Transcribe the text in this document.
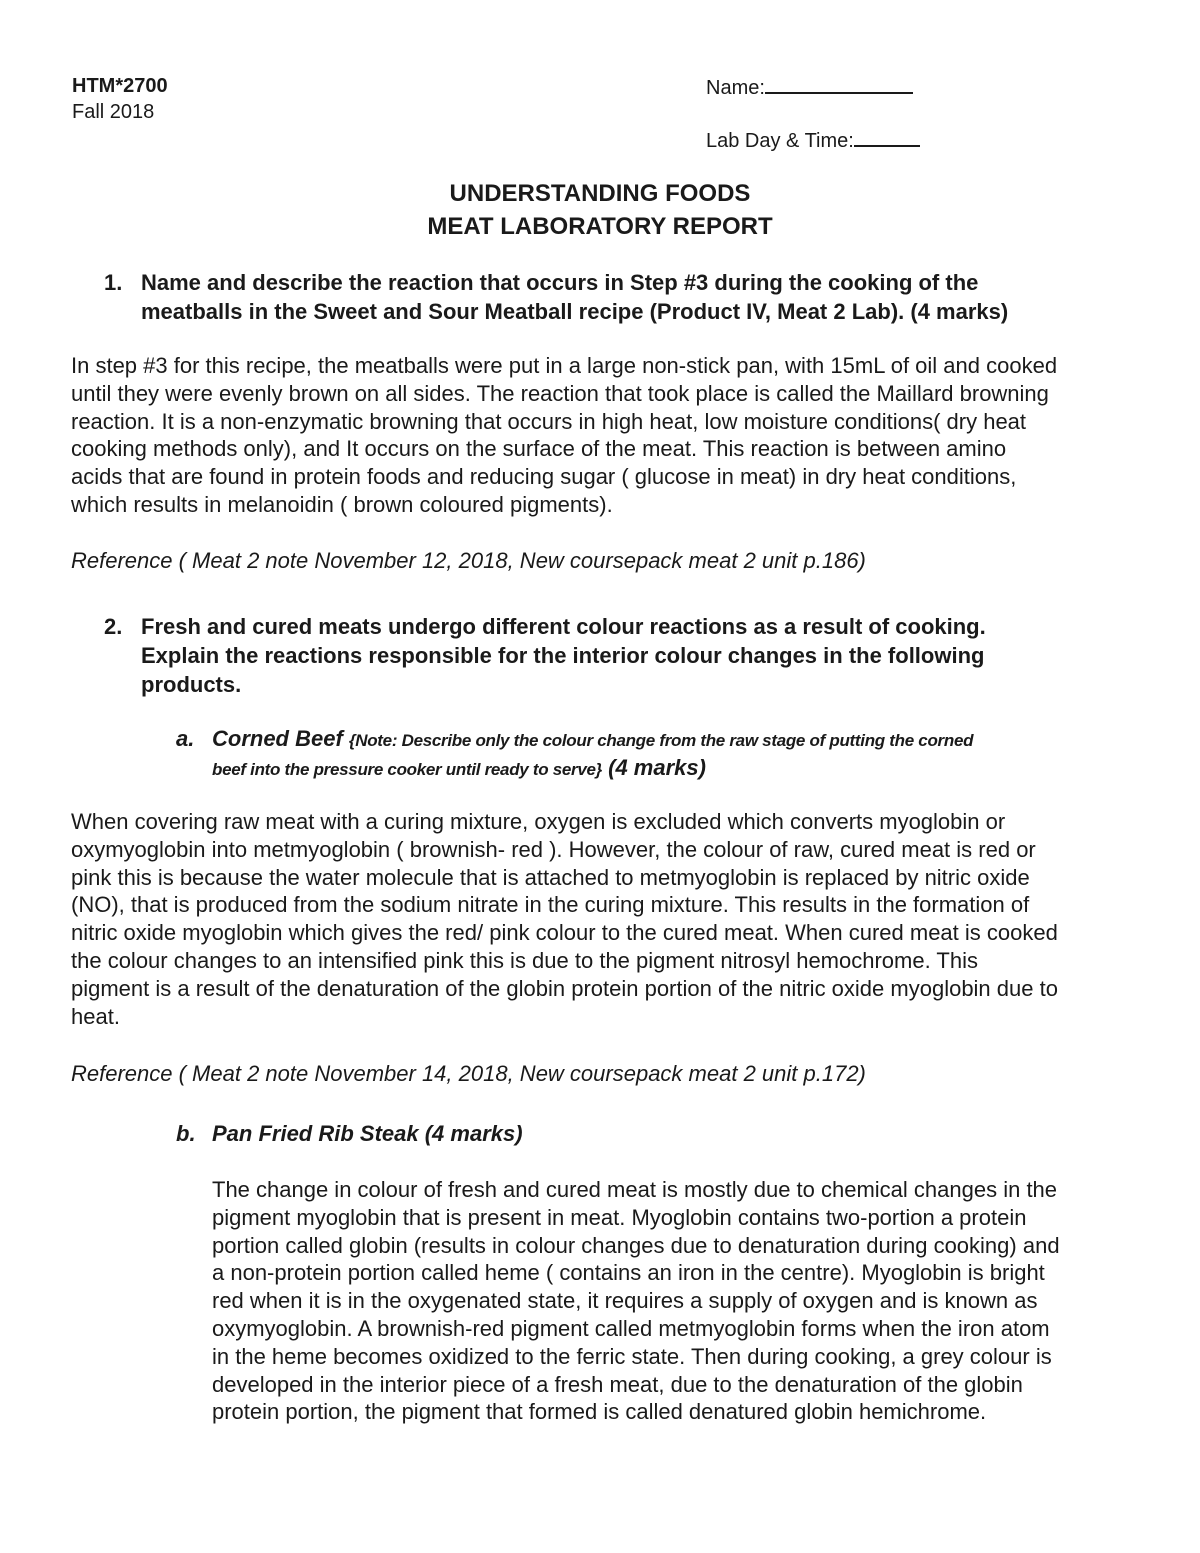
HTM*2700
Fall 2018
Name:
Lab Day & Time:
UNDERSTANDING FOODS
MEAT LABORATORY REPORT
1. Name and describe the reaction that occurs in Step #3 during the cooking of the
meatballs in the Sweet and Sour Meatball recipe (Product IV, Meat 2 Lab). (4 marks)
In step #3 for this recipe, the meatballs were put in a large non-stick pan, with 15mL of oil and cooked
until they were evenly brown on all sides. The reaction that took place is called the Maillard browning
reaction. It is a non-enzymatic browning that occurs in high heat, low moisture conditions( dry heat
cooking methods only), and It occurs on the surface of the meat. This reaction is between amino
acids that are found in protein foods and reducing sugar ( glucose in meat) in dry heat conditions,
which results in melanoidin ( brown coloured pigments).
Reference ( Meat 2 note November 12, 2018, New coursepack meat 2 unit p.186)
2. Fresh and cured meats undergo different colour reactions as a result of cooking.
Explain the reactions responsible for the interior colour changes in the following
products.
a. Corned Beef {Note: Describe only the colour change from the raw stage of putting the corned
beef into the pressure cooker until ready to serve} (4 marks)
When covering raw meat with a curing mixture, oxygen is excluded which converts myoglobin or
oxymyoglobin into metmyoglobin ( brownish- red ). However, the colour of raw, cured meat is red or
pink this is because the water molecule that is attached to metmyoglobin is replaced by nitric oxide
(NO), that is produced from the sodium nitrate in the curing mixture. This results in the formation of
nitric oxide myoglobin which gives the red/ pink colour to the cured meat. When cured meat is cooked
the colour changes to an intensified pink this is due to the pigment nitrosyl hemochrome. This
pigment is a result of the denaturation of the globin protein portion of the nitric oxide myoglobin due to
heat.
Reference ( Meat 2 note November 14, 2018, New coursepack meat 2 unit p.172)
b. Pan Fried Rib Steak (4 marks)
The change in colour of fresh and cured meat is mostly due to chemical changes in the
pigment myoglobin that is present in meat. Myoglobin contains two-portion a protein
portion called globin (results in colour changes due to denaturation during cooking) and
a non-protein portion called heme ( contains an iron in the centre). Myoglobin is bright
red when it is in the oxygenated state, it requires a supply of oxygen and is known as
oxymyoglobin. A brownish-red pigment called metmyoglobin forms when the iron atom
in the heme becomes oxidized to the ferric state. Then during cooking, a grey colour is
developed in the interior piece of a fresh meat, due to the denaturation of the globin
protein portion, the pigment that formed is called denatured globin hemichrome.
